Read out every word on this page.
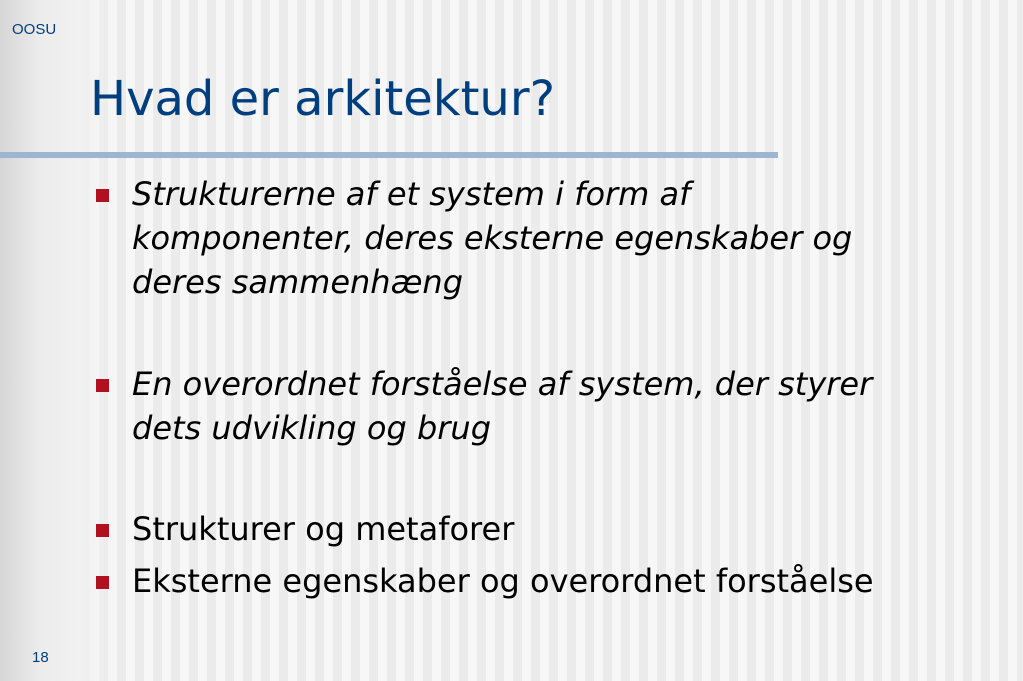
OOSU
Hvad er arkitektur?
Strukturerne af et system i form af
komponenter, deres eksterne egenskaber og
deres sammenhæng
En overordnet forståelse af system, der styrer
dets udvikling og brug
Strukturer og metaforer
Eksterne egenskaber og overordnet forståelse
18
